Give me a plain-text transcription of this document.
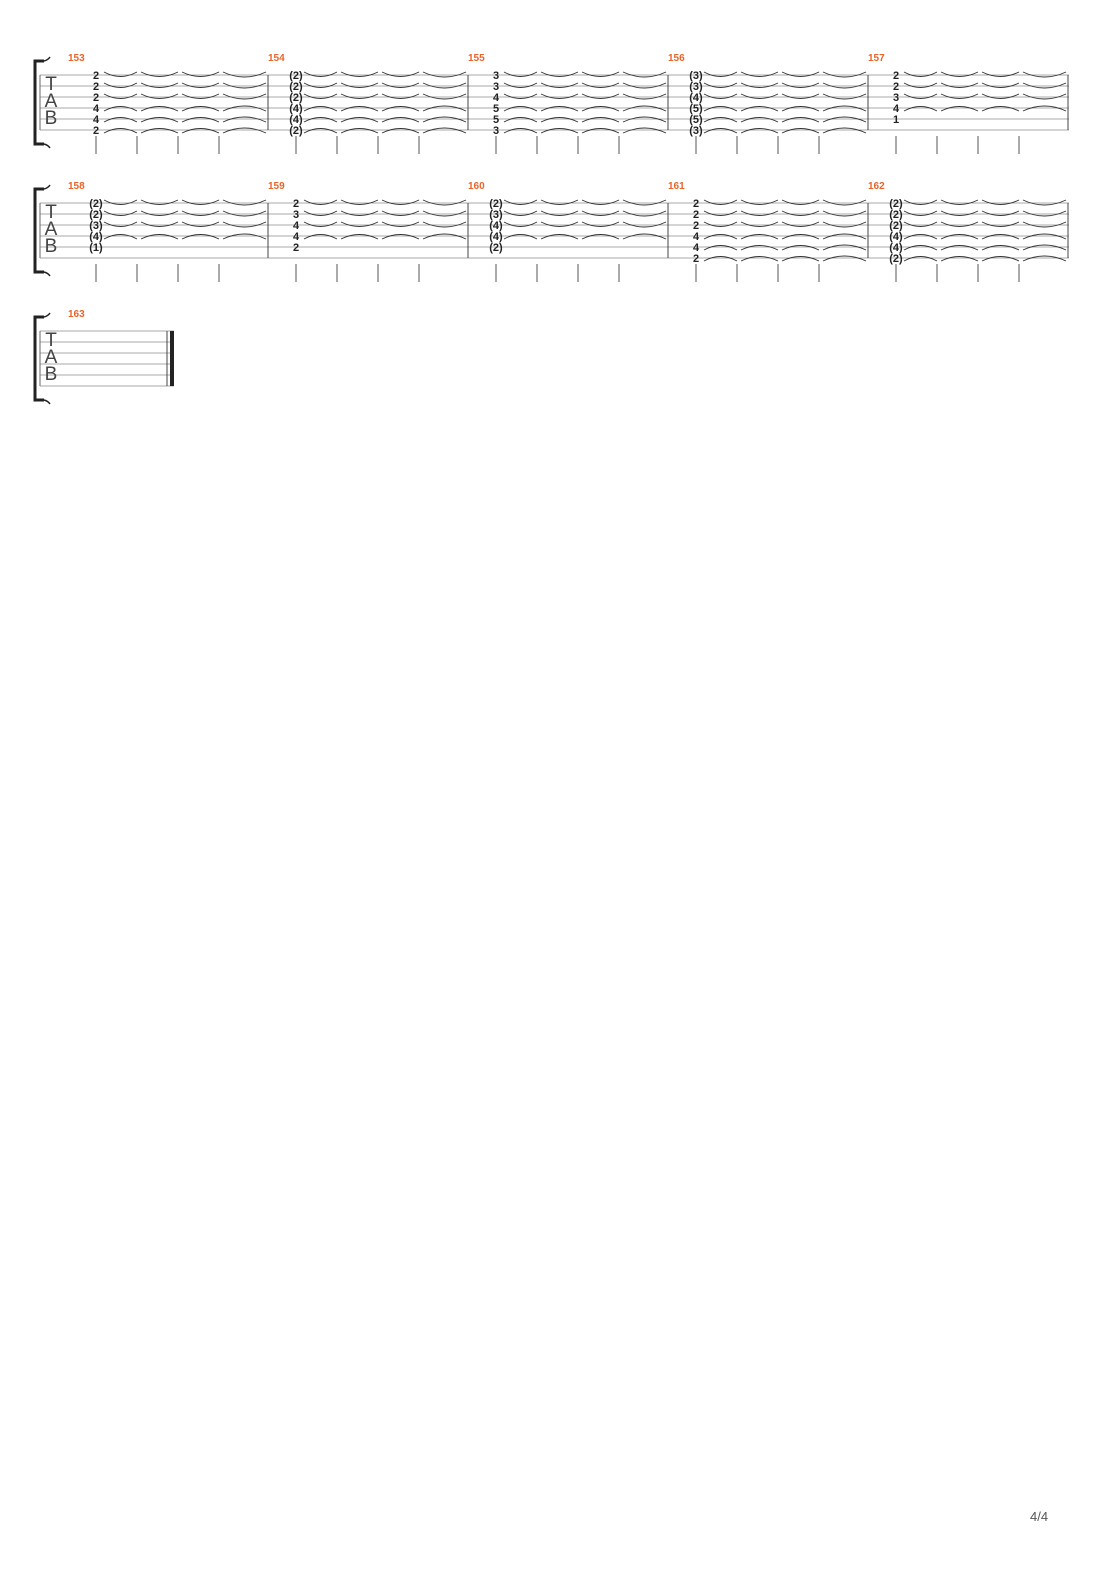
T
A
B
153
2
2
2
4
4
2
154
(2)
(2)
(2)
(4)
(4)
(2)
155
3
3
4
5
5
3
156
(3)
(3)
(4)
(5)
(5)
(3)
157
2
2
3
4
1
T
A
B
158
(2)
(2)
(3)
(4)
(1)
159
2
3
4
4
2
160
(2)
(3)
(4)
(4)
(2)
161
2
2
2
4
4
2
162
(2)
(2)
(2)
(4)
(4)
(2)
T
A
B
163
4/4
